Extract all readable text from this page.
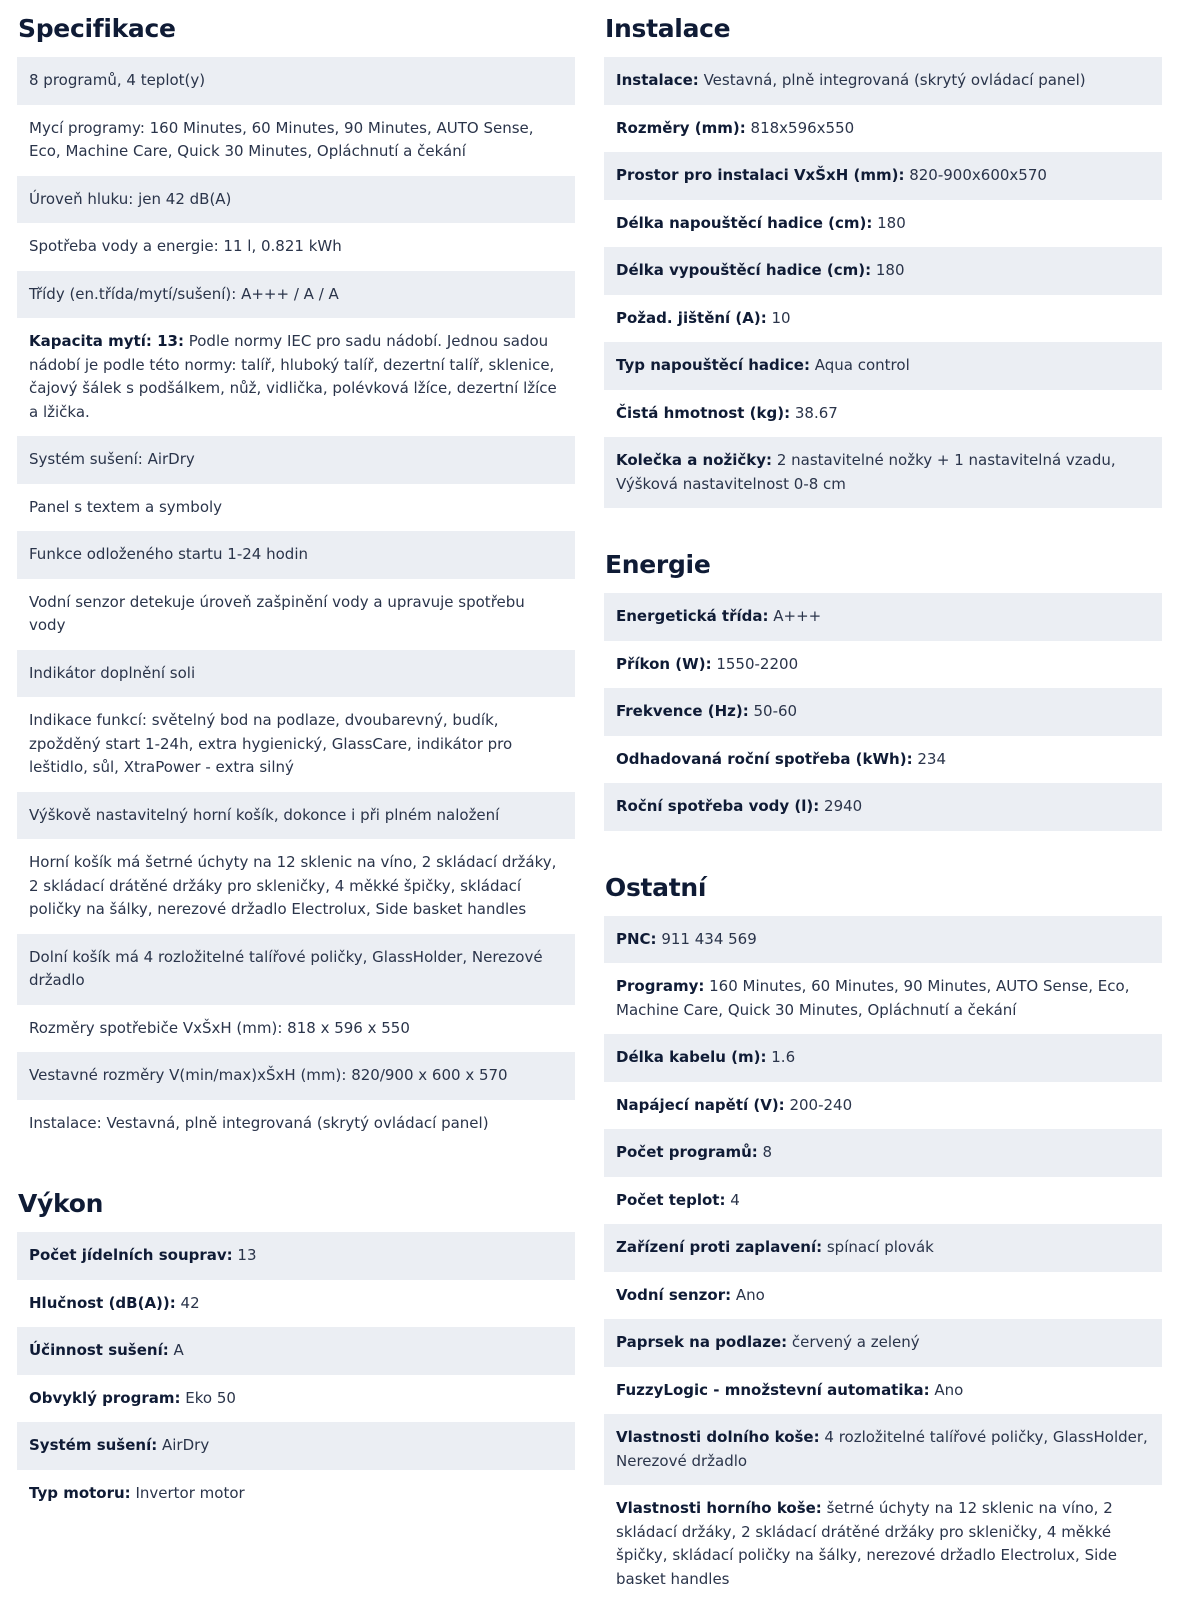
Specifikace
8 programů, 4 teplot(y)
Mycí programy: 160 Minutes, 60 Minutes, 90 Minutes, AUTO Sense, Eco, Machine Care, Quick 30 Minutes, Opláchnutí a čekání
Úroveň hluku: jen 42 dB(A)
Spotřeba vody a energie: 11 l, 0.821 kWh
Třídy (en.třída/mytí/sušení): A+++ / A / A
Kapacita mytí: 13: Podle normy IEC pro sadu nádobí. Jednou sadou nádobí je podle této normy: talíř, hluboký talíř, dezertní talíř, sklenice, čajový šálek s podšálkem, nůž, vidlička, polévková lžíce, dezertní lžíce a lžička.
Systém sušení: AirDry
Panel s textem a symboly
Funkce odloženého startu 1-24 hodin
Vodní senzor detekuje úroveň zašpinění vody a upravuje spotřebu vody
Indikátor doplnění soli
Indikace funkcí: světelný bod na podlaze, dvoubarevný, budík, zpožděný start 1-24h, extra hygienický, GlassCare, indikátor pro leštidlo, sůl, XtraPower - extra silný
Výškově nastavitelný horní košík, dokonce i při plném naložení
Horní košík má šetrné úchyty na 12 sklenic na víno, 2 skládací držáky, 2 skládací drátěné držáky pro skleničky, 4 měkké špičky, skládací poličky na šálky, nerezové držadlo Electrolux, Side basket handles
Dolní košík má 4 rozložitelné talířové poličky, GlassHolder, Nerezové držadlo
Rozměry spotřebiče VxŠxH (mm): 818 x 596 x 550
Vestavné rozměry V(min/max)xŠxH (mm): 820/900 x 600 x 570
Instalace: Vestavná, plně integrovaná (skrytý ovládací panel)
Výkon
Počet jídelních souprav: 13
Hlučnost (dB(A)): 42
Účinnost sušení: A
Obvyklý program: Eko 50
Systém sušení: AirDry
Typ motoru: Invertor motor
Instalace
Instalace: Vestavná, plně integrovaná (skrytý ovládací panel)
Rozměry (mm): 818x596x550
Prostor pro instalaci VxŠxH (mm): 820-900x600x570
Délka napouštěcí hadice (cm): 180
Délka vypouštěcí hadice (cm): 180
Požad. jištění (A): 10
Typ napouštěcí hadice: Aqua control
Čistá hmotnost (kg): 38.67
Kolečka a nožičky: 2 nastavitelné nožky + 1 nastavitelná vzadu, Výšková nastavitelnost 0-8 cm
Energie
Energetická třída: A+++
Příkon (W): 1550-2200
Frekvence (Hz): 50-60
Odhadovaná roční spotřeba (kWh): 234
Roční spotřeba vody (l): 2940
Ostatní
PNC: 911 434 569
Programy: 160 Minutes, 60 Minutes, 90 Minutes, AUTO Sense, Eco, Machine Care, Quick 30 Minutes, Opláchnutí a čekání
Délka kabelu (m): 1.6
Napájecí napětí (V): 200-240
Počet programů: 8
Počet teplot: 4
Zařízení proti zaplavení: spínací plovák
Vodní senzor: Ano
Paprsek na podlaze: červený a zelený
FuzzyLogic - množstevní automatika: Ano
Vlastnosti dolního koše: 4 rozložitelné talířové poličky, GlassHolder, Nerezové držadlo
Vlastnosti horního koše: šetrné úchyty na 12 sklenic na víno, 2 skládací držáky, 2 skládací drátěné držáky pro skleničky, 4 měkké špičky, skládací poličky na šálky, nerezové držadlo Electrolux, Side basket handles
